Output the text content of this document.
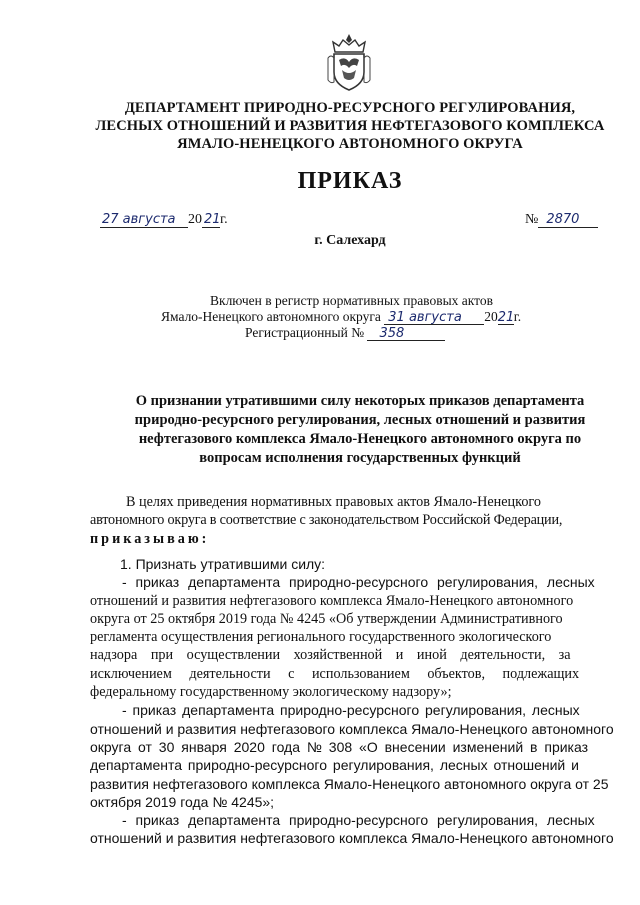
ДЕПАРТАМЕНТ ПРИРОДНО-РЕСУРСНОГО РЕГУЛИРОВАНИЯ,
ЛЕСНЫХ ОТНОШЕНИЙ И РАЗВИТИЯ НЕФТЕГАЗОВОГО КОМПЛЕКСА
ЯМАЛО-НЕНЕЦКОГО АВТОНОМНОГО ОКРУГА
ПРИКАЗ
27 августа 20 21 г.	№ 2870
г. Салехард
Включен в регистр нормативных правовых актов
Ямало-Ненецкого автономного округа 31 августа 20 21 г.
Регистрационный № 358
О признании утратившими силу некоторых приказов департамента
природно-ресурсного регулирования, лесных отношений и развития
нефтегазового комплекса Ямало-Ненецкого автономного округа по
вопросам исполнения государственных функций
В целях приведения нормативных правовых актов Ямало-Ненецкого
автономного округа в соответствие с законодательством Российской Федерации,
приказываю:
1. Признать утратившими силу:
- приказ департамента природно-ресурсного регулирования, лесных
отношений и развития нефтегазового комплекса Ямало-Ненецкого автономного
округа от 25 октября 2019 года № 4245 «Об утверждении Административного
регламента осуществления регионального государственного экологического
надзора при осуществлении хозяйственной и иной деятельности, за
исключением деятельности с использованием объектов, подлежащих
федеральному государственному экологическому надзору»;
- приказ департамента природно-ресурсного регулирования, лесных
отношений и развития нефтегазового комплекса Ямало-Ненецкого автономного
округа от 30 января 2020 года № 308 «О внесении изменений в приказ
департамента природно-ресурсного регулирования, лесных отношений и
развития нефтегазового комплекса Ямало-Ненецкого автономного округа от 25
октября 2019 года № 4245»;
- приказ департамента природно-ресурсного регулирования, лесных
отношений и развития нефтегазового комплекса Ямало-Ненецкого автономного
